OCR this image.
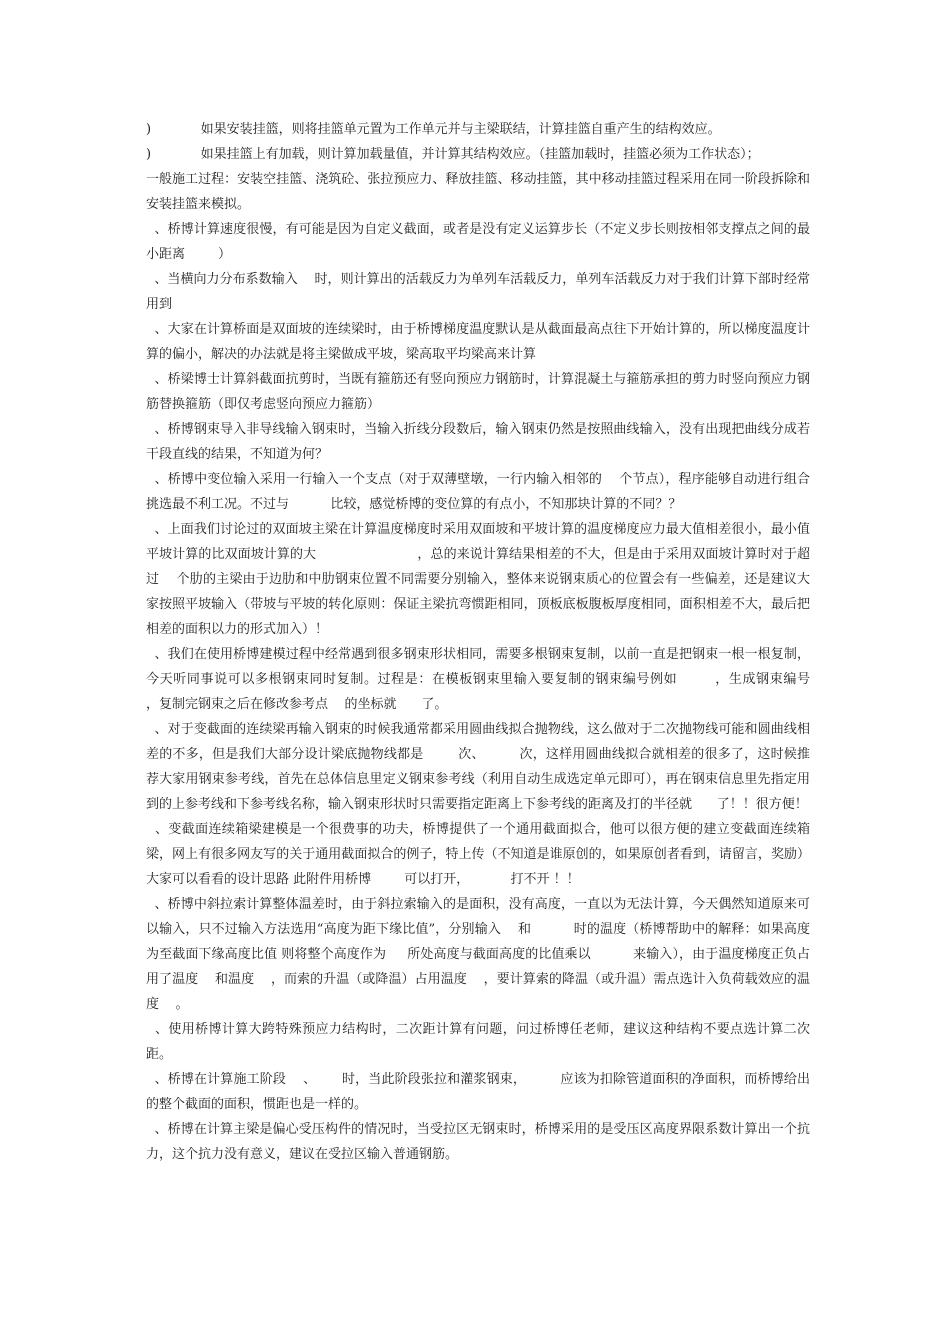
)            如果安装挂篮，则将挂篮单元置为工作单元并与主梁联结，计算挂篮自重产生的结构效应。

)            如果挂篮上有加载，则计算加载量值，并计算其结构效应。（挂篮加载时，挂篮必须为工作状态）；

一般施工过程：安装空挂篮、浇筑砼、张拉预应力、释放挂篮、移动挂篮，其中移动挂篮过程采用在同一阶段拆除和安装挂篮来模拟。

、桥博计算速度很慢，有可能是因为自定义截面，或者是没有定义运算步长（不定义步长则按相邻支撑点之间的最小距离        ）

、当横向力分布系数输入    时，则计算出的活载反力为单列车活载反力，单列车活载反力对于我们计算下部时经常用到

、大家在计算桥面是双面坡的连续梁时，由于桥博梯度温度默认是从截面最高点往下开始计算的，所以梯度温度计算的偏小，解决的办法就是将主梁做成平坡，梁高取平均梁高来计算

、桥梁博士计算斜截面抗剪时，当既有箍筋还有竖向预应力钢筋时，计算混凝土与箍筋承担的剪力时竖向预应力钢筋替换箍筋（即仅考虑竖向预应力箍筋）

、桥博钢束导入非导线输入钢束时，当输入折线分段数后，输入钢束仍然是按照曲线输入，没有出现把曲线分成若干段直线的结果，不知道为何？

、桥博中变位输入采用一行输入一个支点（对于双薄壁墩，一行内输入相邻的    个节点），程序能够自动进行组合挑选最不利工况。不过与          比较，感觉桥博的变位算的有点小，不知那块计算的不同？？

、上面我们讨论过的双面坡主梁在计算温度梯度时采用双面坡和平坡计算的温度梯度应力最大值相差很小，最小值平坡计算的比双面坡计算的大                        ，总的来说计算结果相差的不大，但是由于采用双面坡计算时对于超过    个肋的主梁由于边肋和中肋钢束位置不同需要分别输入，整体来说钢束质心的位置会有一些偏差，还是建议大家按照平坡输入（带坡与平坡的转化原则：保证主梁抗弯惯距相同，顶板底板腹板厚度相同，面积相差不大，最后把相差的面积以力的形式加入）！

、我们在使用桥博建模过程中经常遇到很多钢束形状相同，需要多根钢束复制，以前一直是把钢束一根一根复制，今天听同事说可以多根钢束同时复制。过程是：在模板钢束里输入要复制的钢束编号例如        ，生成钢束编号          ，复制完钢束之后在修改参考点    的坐标就      了。

、对于变截面的连续梁再输入钢束的时候我通常都采用圆曲线拟合抛物线，这么做对于二次抛物线可能和圆曲线相差的不多，但是我们大部分设计梁底抛物线都是        次、        次，这样用圆曲线拟合就相差的很多了，这时候推荐大家用钢束参考线，首先在总体信息里定义钢束参考线（利用自动生成选定单元即可），再在钢束信息里先指定用到的上参考线和下参考线名称，输入钢束形状时只需要指定距离上下参考线的距离及打的半径就      了！！很方便！

、变截面连续箱梁建模是一个很费事的功夫，桥博提供了一个通用截面拟合，他可以很方便的建立变截面连续箱梁，网上有很多网友写的关于通用截面拟合的例子，特上传（不知道是谁原创的，如果原创者看到，请留言，奖励）大家可以看看的设计思路 此附件用桥博        可以打开，          打不开 ！！

、桥博中斜拉索计算整体温差时，由于斜拉索输入的是面积，没有高度，一直以为无法计算，今天偶然知道原来可以输入，只不过输入方法选用“高度为距下缘比值”，分别输入    和          时的温度（桥博帮助中的解释：如果高度为至截面下缘高度比值 则将整个高度作为     所处高度与截面高度的比值乘以          来输入），由于温度梯度正负占用了温度    和温度    ，而索的升温（或降温）占用温度    ，要计算索的降温（或升温）需点选计入负荷载效应的温度    。

、使用桥博计算大跨特殊预应力结构时，二次距计算有问题，问过桥博任老师，建议这种结构不要点选计算二次距。

、桥博在计算施工阶段    、      时，当此阶段张拉和灌浆钢束，        应该为扣除管道面积的净面积，而桥博给出的整个截面的面积，惯距也是一样的。

、桥博在计算主梁是偏心受压构件的情况时，当受拉区无钢束时，桥博采用的是受压区高度界限系数计算出一个抗力，这个抗力没有意义，建议在受拉区输入普通钢筋。
